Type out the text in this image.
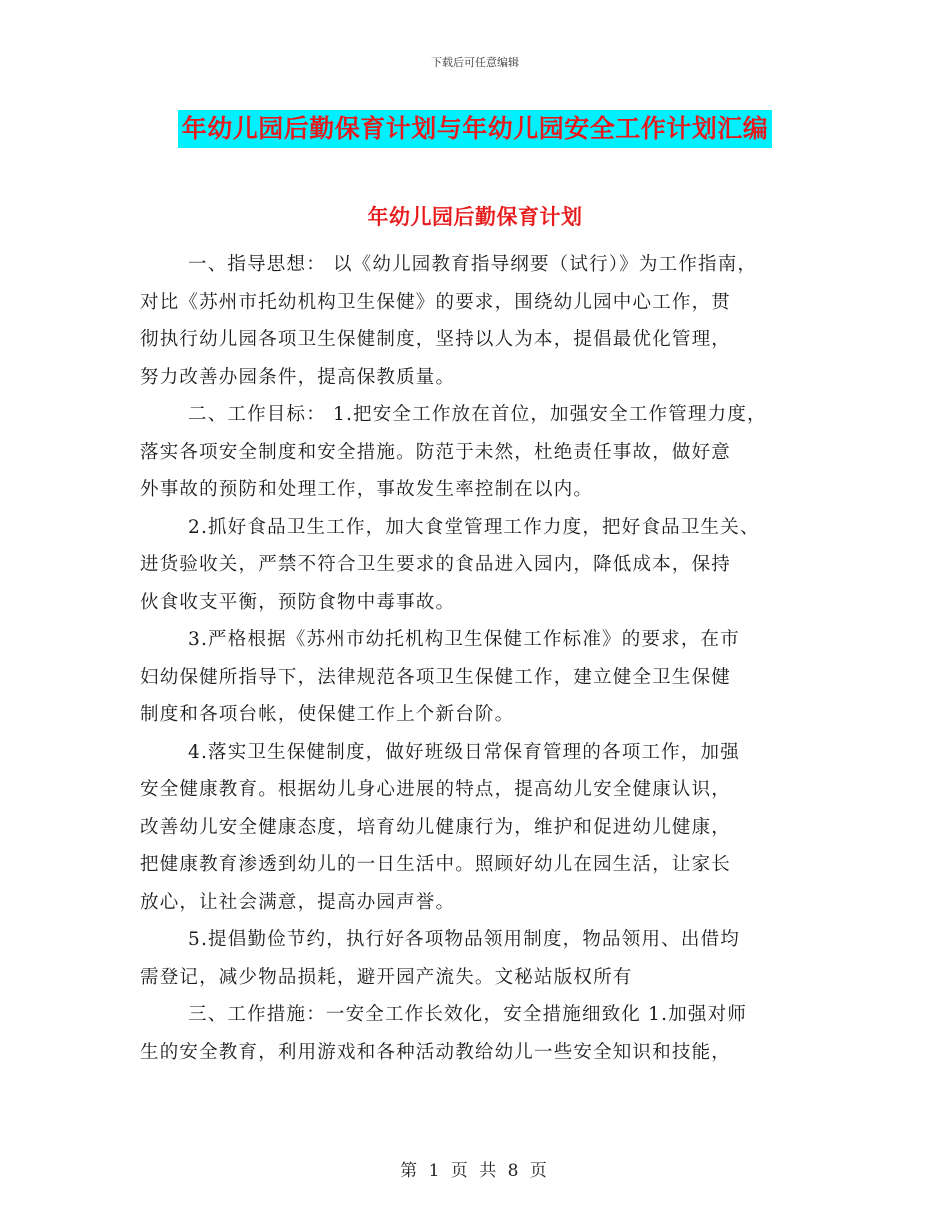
下载后可任意编辑
年幼儿园后勤保育计划与年幼儿园安全工作计划汇编
年幼儿园后勤保育计划

一、指导思想： 以《幼儿园教育指导纲要（试行）》为工作指南，

对比《苏州市托幼机构卫生保健》的要求，围绕幼儿园中心工作，贯

彻执行幼儿园各项卫生保健制度，坚持以人为本，提倡最优化管理，

努力改善办园条件，提高保教质量。

二、工作目标： 1.把安全工作放在首位，加强安全工作管理力度，

落实各项安全制度和安全措施。防范于未然，杜绝责任事故，做好意

外事故的预防和处理工作，事故发生率控制在以内。

2.抓好食品卫生工作，加大食堂管理工作力度，把好食品卫生关、

进货验收关，严禁不符合卫生要求的食品进入园内，降低成本，保持

伙食收支平衡，预防食物中毒事故。

3.严格根据《苏州市幼托机构卫生保健工作标准》的要求，在市

妇幼保健所指导下，法律规范各项卫生保健工作，建立健全卫生保健

制度和各项台帐，使保健工作上个新台阶。

4.落实卫生保健制度，做好班级日常保育管理的各项工作，加强

安全健康教育。根据幼儿身心进展的特点，提高幼儿安全健康认识，

改善幼儿安全健康态度，培育幼儿健康行为，维护和促进幼儿健康，

把健康教育渗透到幼儿的一日生活中。照顾好幼儿在园生活，让家长

放心，让社会满意，提高办园声誉。

5.提倡勤俭节约，执行好各项物品领用制度，物品领用、出借均

需登记，减少物品损耗，避开园产流失。文秘站版权所有

三、工作措施：一安全工作长效化，安全措施细致化 1.加强对师

生的安全教育，利用游戏和各种活动教给幼儿一些安全知识和技能，

第 1 页 共 8 页
